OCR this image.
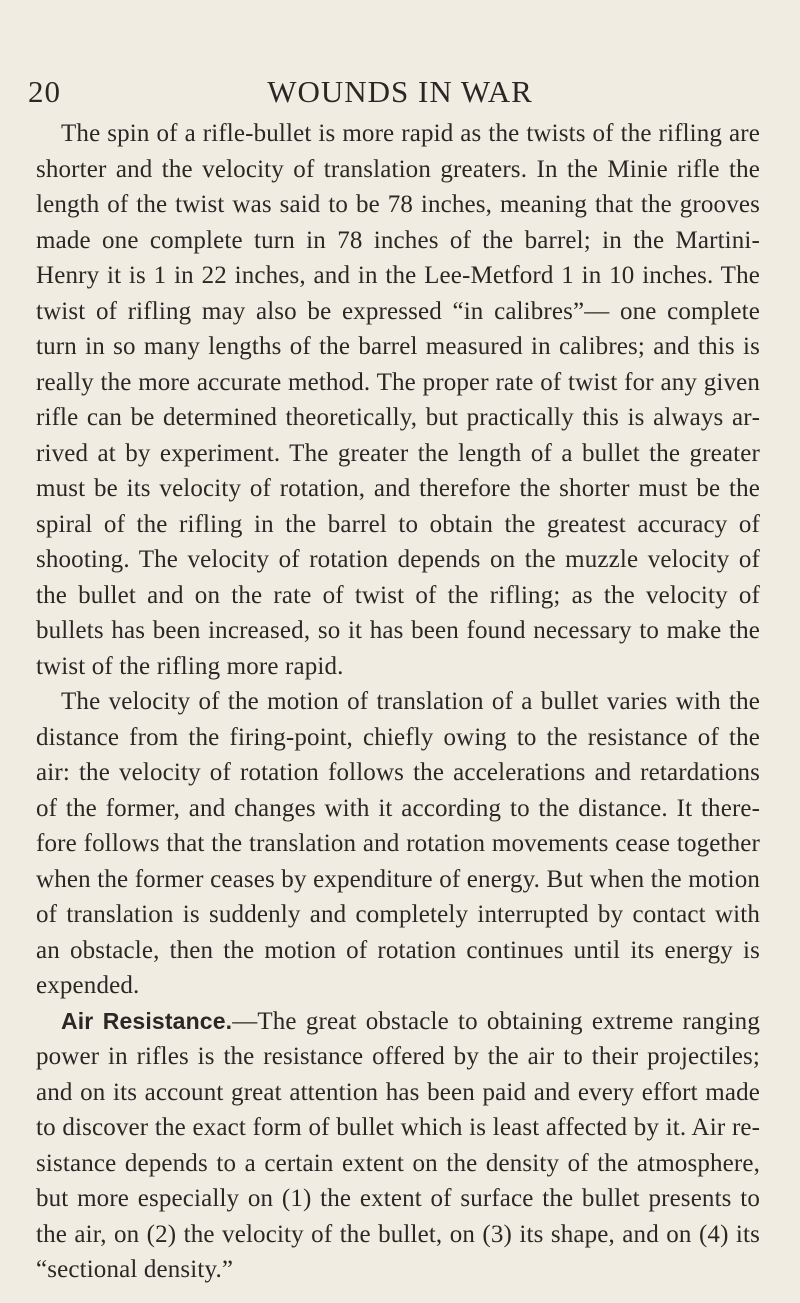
20	WOUNDS IN WAR

The spin of a rifle-bullet is more rapid as the twists of the rifling are shorter and the velocity of translation greaters. In the Minie rifle the length of the twist was said to be 78 inches, meaning that the grooves made one complete turn in 78 inches of the barrel; in the Martini-Henry it is 1 in 22 inches, and in the Lee-Metford 1 in 10 inches. The twist of rifling may also be expressed “in calibres”— one complete turn in so many lengths of the barrel measured in calibres; and this is really the more accurate method. The proper rate of twist for any given rifle can be determined theoretically, but practically this is always arrived at by experiment. The greater the length of a bullet the greater must be its velocity of rotation, and therefore the shorter must be the spiral of the rifling in the barrel to obtain the greatest accuracy of shooting. The velocity of rotation depends on the muzzle velocity of the bullet and on the rate of twist of the rifling; as the velocity of bullets has been increased, so it has been found necessary to make the twist of the rifling more rapid.

The velocity of the motion of translation of a bullet varies with the distance from the firing-point, chiefly owing to the resistance of the air: the velocity of rotation follows the accelerations and retardations of the former, and changes with it according to the distance. It therefore follows that the translation and rotation movements cease together when the former ceases by expenditure of energy. But when the motion of translation is suddenly and completely interrupted by contact with an obstacle, then the motion of rotation continues until its energy is expended.

Air Resistance.—The great obstacle to obtaining extreme ranging power in rifles is the resistance offered by the air to their projectiles; and on its account great attention has been paid and every effort made to discover the exact form of bullet which is least affected by it. Air resistance depends to a certain extent on the density of the atmosphere, but more especially on (1) the extent of surface the bullet presents to the air, on (2) the velocity of the bullet, on (3) its shape, and on (4) its “sectional density.”
